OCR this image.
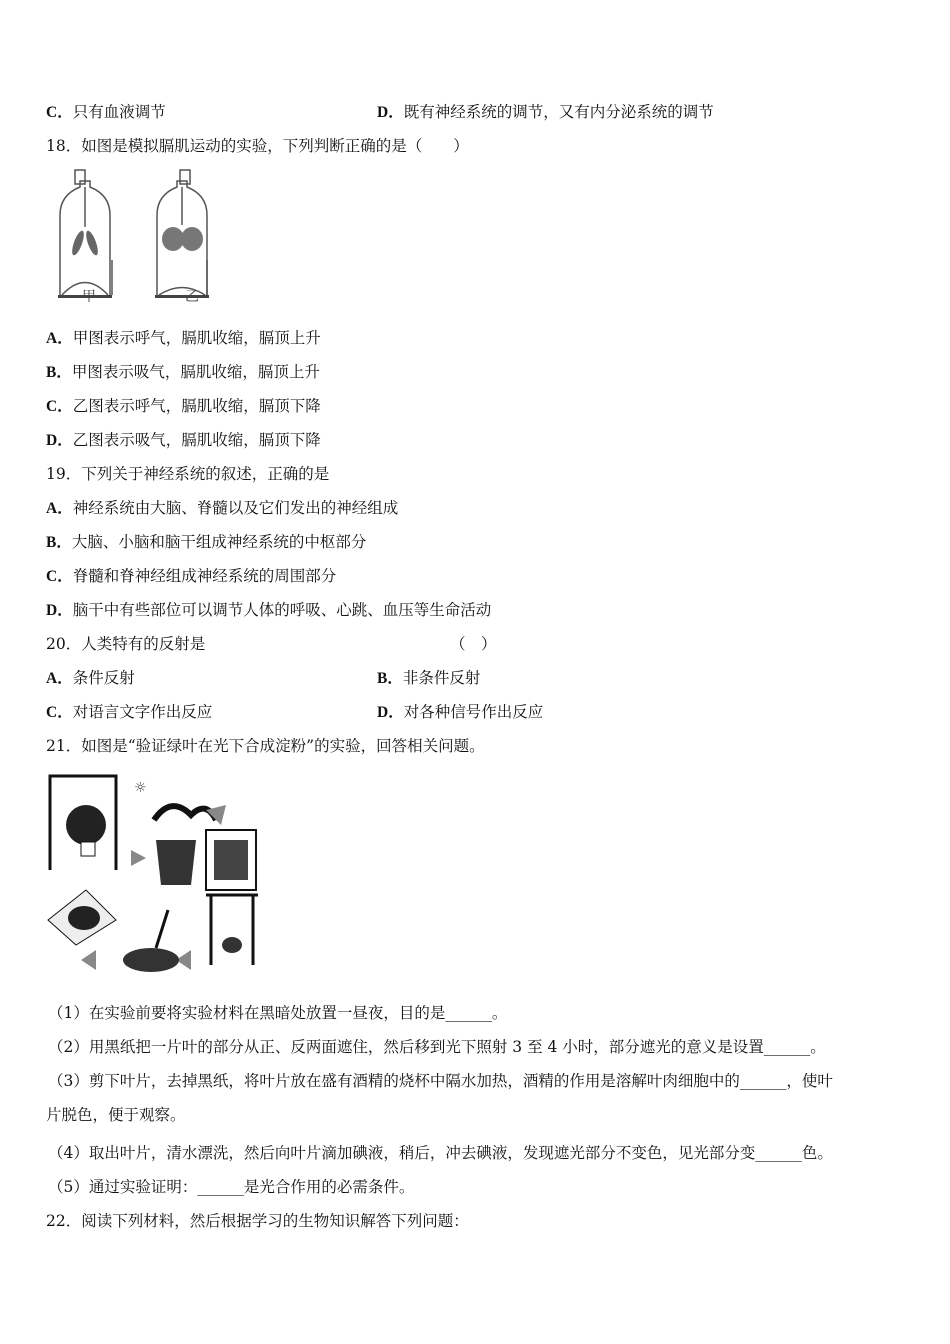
C．只有血液调节	D．既有神经系统的调节，又有内分泌系统的调节
18．如图是模拟膈肌运动的实验，下列判断正确的是（　　）
甲	乙
A．甲图表示呼气，膈肌收缩，膈顶上升
B．甲图表示吸气，膈肌收缩，膈顶上升
C．乙图表示呼气，膈肌收缩，膈顶下降
D．乙图表示吸气，膈肌收缩，膈顶下降
19．下列关于神经系统的叙述，正确的是
A．神经系统由大脑、脊髓以及它们发出的神经组成
B．大脑、小脑和脑干组成神经系统的中枢部分
C．脊髓和脊神经组成神经系统的周围部分
D．脑干中有些部位可以调节人体的呼吸、心跳、血压等生命活动
20．人类特有的反射是	（　）
A．条件反射	B．非条件反射
C．对语言文字作出反应	D．对各种信号作出反应
21．如图是“验证绿叶在光下合成淀粉”的实验，回答相关问题。
☼
（1）在实验前要将实验材料在黑暗处放置一昼夜，目的是______。
（2）用黑纸把一片叶的部分从正、反两面遮住，然后移到光下照射 3 至 4 小时，部分遮光的意义是设置______。
（3）剪下叶片，去掉黑纸，将叶片放在盛有酒精的烧杯中隔水加热，酒精的作用是溶解叶肉细胞中的______，使叶
片脱色，便于观察。
（4）取出叶片，清水漂洗，然后向叶片滴加碘液，稍后，冲去碘液，发现遮光部分不变色，见光部分变______色。
（5）通过实验证明：______是光合作用的必需条件。
22．阅读下列材料，然后根据学习的生物知识解答下列问题：
